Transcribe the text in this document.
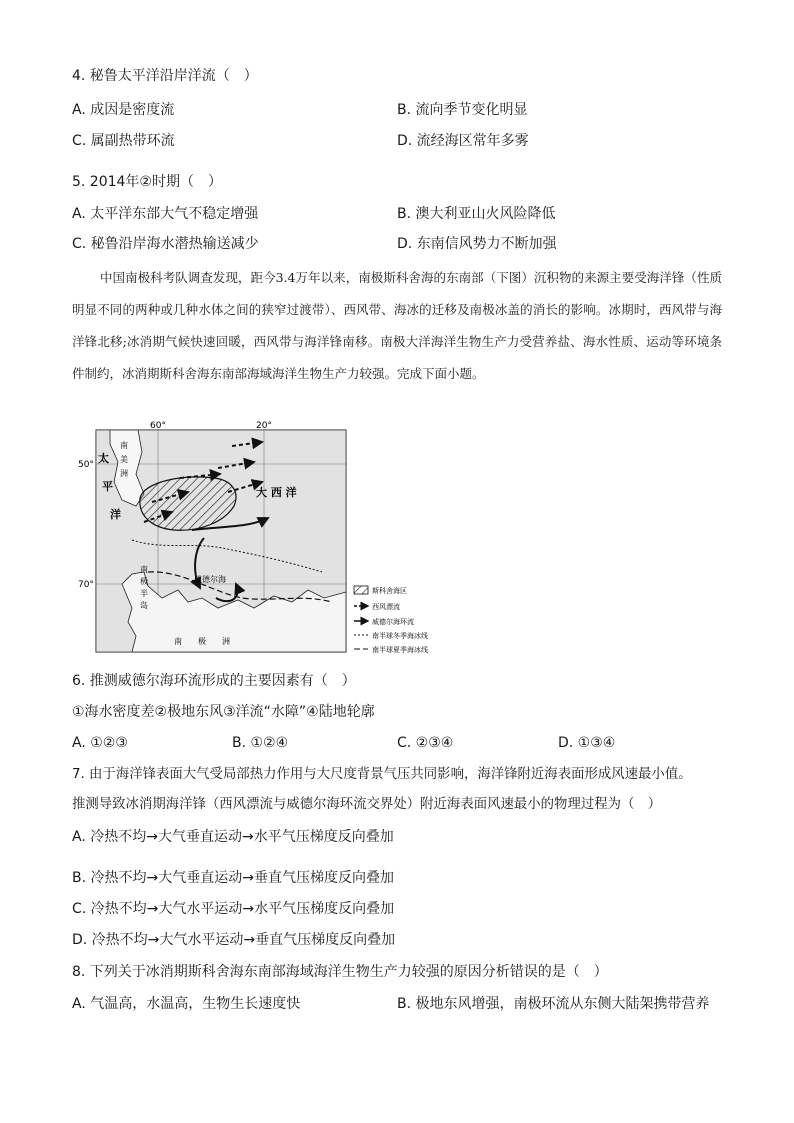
4. 秘鲁太平洋沿岸洋流（　）
A. 成因是密度流	B. 流向季节变化明显
C. 属副热带环流	D. 流经海区常年多雾
5. 2014年②时期（　）
A. 太平洋东部大气不稳定增强	B. 澳大利亚山火风险降低
C. 秘鲁沿岸海水潜热输送减少	D. 东南信风势力不断加强

中国南极科考队调查发现，距今3.4万年以来，南极斯科舍海的东南部（下图）沉积物的来源主要受海洋锋（性质明显不同的两种或几种水体之间的狭窄过渡带）、西风带、海冰的迁移及南极冰盖的消长的影响。冰期时，西风带与海洋锋北移;冰消期气候快速回暖，西风带与海洋锋南移。南极大洋海洋生物生产力受营养盐、海水性质、运动等环境条件制约，冰消期斯科舍海东南部海域海洋生物生产力较强。完成下面小题。

60°	20°
50°
70°
太
平
洋
南
美
洲
大 西 洋
南
极
半
岛
威德尔海
南　　极　　洲
斯科舍海区
西风漂流
威德尔海环流
南半球冬季海冰线
南半球夏季海冰线
6. 推测威德尔海环流形成的主要因素有（　）
①海水密度差②极地东风③洋流“水障”④陆地轮廓
A. ①②③	B. ①②④	C. ②③④	D. ①③④
7. 由于海洋锋表面大气受局部热力作用与大尺度背景气压共同影响，海洋锋附近海表面形成风速最小值。
推测导致冰消期海洋锋（西风漂流与威德尔海环流交界处）附近海表面风速最小的物理过程为（　）
A. 冷热不均→大气垂直运动→水平气压梯度反向叠加
B. 冷热不均→大气垂直运动→垂直气压梯度反向叠加
C. 冷热不均→大气水平运动→水平气压梯度反向叠加
D. 冷热不均→大气水平运动→垂直气压梯度反向叠加
8. 下列关于冰消期斯科舍海东南部海域海洋生物生产力较强的原因分析错误的是（　）
A. 气温高，水温高，生物生长速度快	B. 极地东风增强，南极环流从东侧大陆架携带营养
